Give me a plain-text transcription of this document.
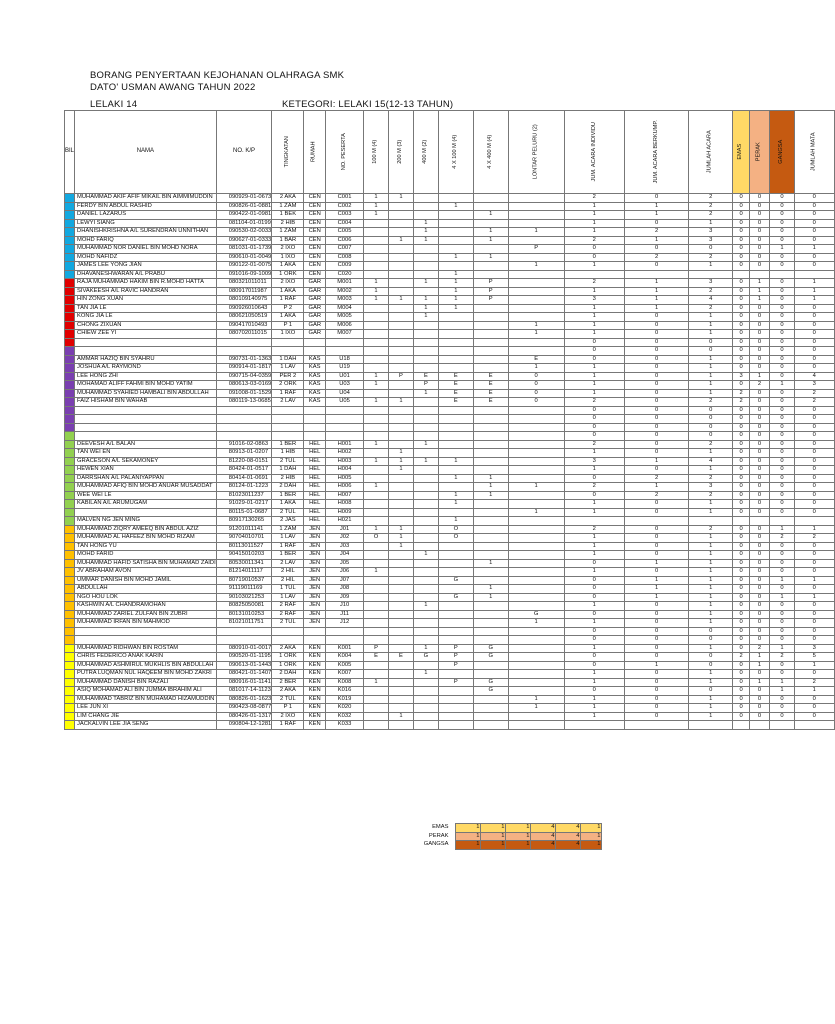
BORANG PENYERTAAN KEJOHANAN OLAHRAGA SMK
DATO' USMAN AWANG TAHUN 2022
LELAKI 14	KETEGORI: LELAKI 15(12-13 TAHUN)
BIL	NAMA	NO. K/P	TINGKATAN	RUMAH	NO. PESERTA	100 M (4)	200 M (3)	400 M (2)	4 X 100 M (4)	4 X 400 M (4)	LONTAR PELURU (2)	JUM. ACARA INDIVIDU	JUM. ACARA BERKUMP.	JUMLAH ACARA	EMAS	PERAK	GANGSA	JUMLAH MATA
	MUHAMMAD AKIF AFIF MIKAIL BIN AIMMIMUDDIN	090929-01-0673	2 AKA	CEN	C001	1	1					2	0	2	0	0	0	0
	FERDY BIN ABDUL RASHID	090826-01-0881	1 ZAM	CEN	C002	1			1			1	1	2	0	0	0	0
	DANIEL LAZARUS	090422-01-0981	1 BEK	CEN	C003	1				1		1	1	2	0	0	0	0
	LEWYI SIANG	081104-01-0199	2 HIB	CEN	C004			1				1	0	1	0	0	0	0
	DHANISHKRISHNA A/L SURENDRAN UNNITHAN	090530-02-0033	1 ZAM	CEN	C005			1		1	1	1	2	3	0	0	0	0
	MOHD FARIQ	090627-01-0333	1 BAR	CEN	C006		1	1		1		2	1	3	0	0	0	0
	MUHAMMAD NOR DANIEL BIN MOHD NORA	081031-01-1739	2 IXO	CEN	C007						P	0	0	0	0	0	1	1
	MOHD NAFIDZ	090610-01-0049	1 IXO	CEN	C008				1	1		0	2	2	0	0	0	0
	JAMES LEE YONG JIAN	090122-01-0075	1 AKA	CEN	C009						1	1	0	1	0	0	0	0
	DHAVANESHWARAN A/L PRABU	091016-09-1009	1 ORK	CEN	C020				1									
	RAJA MUHAMMAD HAKIM BIN R.MOHD HATTA	080321011011	2 IXO	GAR	M001	1		1	1	P		2	1	3	0	1	0	1
	SIVAKEESH A/L RAVIC HANDRAN	080917011987	1 AKA	GAR	M002	1			1	P		1	1	2	0	1	0	1
	HIN ZONG XUAN	080109140975	1 RAF	GAR	M003	1	1	1	1	P		3	1	4	0	1	0	1
	TAN JIA LE	090926010643	P 2	GAR	M004			1	1			1	1	2	0	0	0	0
	KONG JIA LE	080621050519	1 AKA	GAR	M005			1				1	0	1	0	0	0	0
	CHONG ZIXUAN	090417010493	P 1	GAR	M006						1	1	0	1	0	0	0	0
	CHIEW ZEE YI	080702011015	1 IXO	GAR	M007						1	1	0	1	0	0	0	0
												0	0	0	0	0	0	0
												0	0	0	0	0	0	0
	AMMAR HAZIQ BIN SYAHRU	090731-01-1363	1 DAH	KAS	U18						E	0	0	1	0	0	0	0
	JOSHUA A/L RAYMOND	090914-01-1817	1 LAV	KAS	U19						1	1	0	1	0	0	0	0
	LEE HONG ZHI	090715-04-0359	PER 2	KAS	U01	1	P	E	E	E	0	1	0	1	3	1	0	4
	MOHAMAD ALIFF FAHMI BIN MOHD YATIM	080613-03-0169	2 ORK	KAS	U03	1		P	E	E	0	1	0	1	0	2	1	3
	MUHAMMAD SYAHIED HAMBALI BIN ABDULLAH	091008-01-1529	1 RAF	KAS	U04			1	E	E	0	1	0	1	2	0	0	2
	FAIZ HISHAM BIN WAHAB	080119-13-0685	2 LAV	KAS	U05	1	1		E	E	0	2	0	2	2	0	0	2
												0	0	0	0	0	0	0
												0	0	0	0	0	0	0
												0	0	0	0	0	0	0
												0	0	0	0	0	0	0
	DEEVESH A/L BALAN	91016-02-0863	1 BER	HEL	H001	1		1				2	0	2	0	0	0	0
	TAN WEI EN	80913-01-0207	1 HIB	HEL	H002		1					1	0	1	0	0	0	0
	GRACESON A/L SEKAMONEY	81220-08-0151	2 TUL	HEL	H003	1	1	1	1			3	1	4	0	0	0	0
	HEWEN XIAN	80424-01-0517	1 DAH	HEL	H004		1					1	0	1	0	0	0	0
	DARRSHAN A/L PALANIYAPPAN	80414-01-0691	2 HIB	HEL	H005				1	1		0	2	2	0	0	0	0
	MUHAMMAD AFIQ BIN MOHD ANUAR MUSADDAT	80124-01-1223	2 DAH	HEL	H006	1				1	1	2	1	3	0	0	0	0
	WEE WEI LE	81023011237	1 BER	HEL	H007				1	1		0	2	2	0	0	0	0
	KABILAN A/L ARUMUGAM	91029-01-0217	1 AKA	HEL	H008				1			1	0	1	0	0	0	0
		80115-01-0687	2 TUL	HEL	H009						1	1	0	1	0	0	0	0
	MALVEN NG JEN MING	80917130265	2 JAS	HEL	H021				1									
	MUHAMMAD ZIQRY AMEEQ BIN ABDUL AZIZ	91201011141	1 ZAM	JEN	J01	1	1		O			2	0	2	0	0	1	1
	MUHAMMAD AL HAFEEZ BIN MOHD RIZAM	90704010701	1 LAV	JEN	J02	O	1		O			1	0	1	0	0	2	2
	TAN HONG YU	80113011527	1 RAF	JEN	J03		1					1	0	1	0	0	0	0
	MOHD FARID	90415010203	1 BER	JEN	J04			1				1	0	1	0	0	0	0
	MUHAMMAD HAFID SATISHA BIN MUHAMAD ZAIDI	80530011341	2 LAV	JEN	J05					1		0	1	1	0	0	0	0
	JV ABRAHAM AVON	81214011117	2 HIL	JEN	J06	1						1	0	1	0	0	0	0
	UMMAR DANISH BIN MOHD JAMIL	80719010537	2 HIL	JEN	J07				G			0	1	1	0	0	1	1
	ABDULLAH	91119011169	1 TUL	JEN	J08					1		0	1	1	0	0	0	0
	NGO HOU LOK	90103021253	1 LAV	JEN	J09				G	1		0	1	1	0	0	1	1
	KASHWIN A/L CHANDRAMOHAN	80825050081	2 RAF	JEN	J10			1				1	0	1	0	0	0	0
	MUHAMMAD ZARIEL ZULFAN BIN ZUBRI	80131010253	2 RAF	JEN	J11						G	0	0	1	0	0	0	0
	MUHAMMAD IRFAN BIN MAHMOD	81021011751	2 TUL	JEN	J12						1	1	0	1	0	0	0	0
												0	0	0	0	0	0	0
												0	0	0	0	0	0	0
	MUHAMMAD RIDHWAN BIN ROSTAM	080910-01-0017	2 AKA	KEN	K001	P		1	P	G		1	0	1	0	2	1	3
	CHRIS FEDERICO ANAK KARIN	090520-01-1195	1 ORK	KEN	K004	E	E	G	P	G		0	0	0	2	1	2	5
	MUHAMMAD ASHMIRUL MUKHLIS BIN ABDULLAH	090613-01-1443	1 ORK	KEN	K005				P			0	1	0	0	1	0	1
	PUTRA LUQMAN NUL HAQEEM BIN MOHD ZAKRI	080421-01-1407	2 DAH	KEN	K007			1				1	0	1	0	0	0	0
	MUHAMMAD DANISH BIN RAZALI	080916-01-1141	2 BER	KEN	K008	1			P	G		1	0	1	0	1	1	2
	ASIQ MOHAMAD ALI BIN JUMMA IBRAHIM ALI	081017-14-1123	2 AKA	KEN	K016					G		0	0	0	0	0	1	1
	MUHAMMAD TABRIZ BIN MUHAMAD HIZAMUDDIN	080826-01-1623	2 TUL	KEN	K019						1	1	0	1	0	0	0	0
	LEE JUN XI	090423-08-0877	P 1	KEN	K020						1	1	0	1	0	0	0	0
	LIM CHANG JIE	080426-01-1317	2 IXO	KEN	K032		1					1	0	1	0	0	0	0
	JACKALVIN LEE JIA SENG	090804-12-1281	1 RAF	KEN	K033													
EMAS	1	1	1	4	4	1
PERAK	1	1	1	4	4	1
GANGSA	1	1	1	4	4	1
